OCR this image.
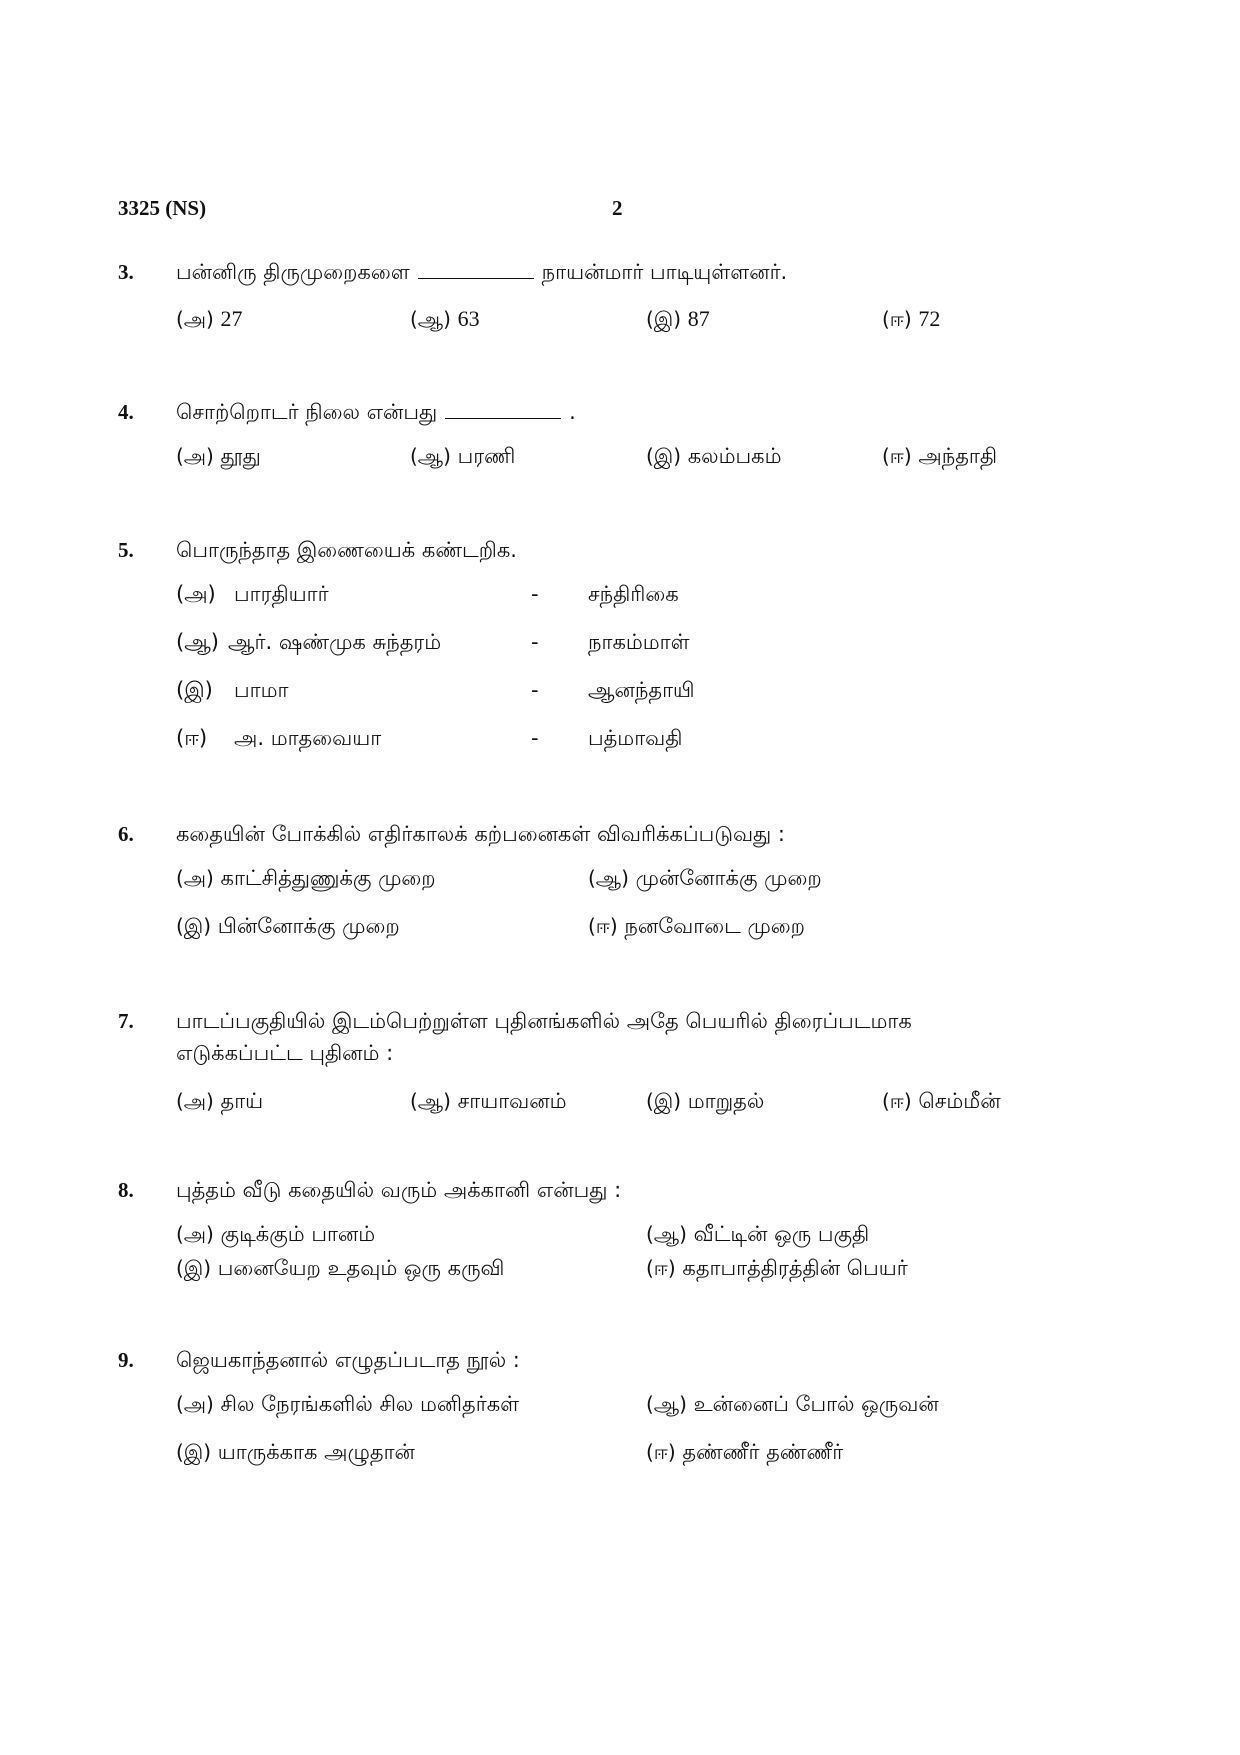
3325 (NS)	2
3.	பன்னிரு திருமுறைகளை	நாயன்மார் பாடியுள்ளனர்.
(அ) 27	(ஆ) 63	(இ) 87	(ஈ) 72
4.	சொற்றொடர் நிலை என்பது	.
(அ) தூது	(ஆ) பரணி	(இ) கலம்பகம்	(ஈ) அந்தாதி
5.	பொருந்தாத இணையைக் கண்டறிக.
(அ) பாரதியார்	- சந்திரிகை
(ஆ) ஆர். ஷண்முக சுந்தரம்	- நாகம்மாள்
(இ) பாமா	- ஆனந்தாயி
(ஈ) அ. மாதவையா	- பத்மாவதி
6.	கதையின் போக்கில் எதிர்காலக் கற்பனைகள் விவரிக்கப்படுவது :
(அ) காட்சித்துணுக்கு முறை	(ஆ) முன்னோக்கு முறை
(இ) பின்னோக்கு முறை	(ஈ) நனவோடை முறை
7.	பாடப்பகுதியில் இடம்பெற்றுள்ள புதினங்களில் அதே பெயரில் திரைப்படமாக
எடுக்கப்பட்ட புதினம் :
(அ) தாய்	(ஆ) சாயாவனம்	(இ) மாறுதல்	(ஈ) செம்மீன்
8.	புத்தம் வீடு கதையில் வரும் அக்கானி என்பது :
(அ) குடிக்கும் பானம்	(ஆ) வீட்டின் ஒரு பகுதி
(இ) பனையேற உதவும் ஒரு கருவி	(ஈ) கதாபாத்திரத்தின் பெயர்
9.	ஜெயகாந்தனால் எழுதப்படாத நூல் :
(அ) சில நேரங்களில் சில மனிதர்கள்	(ஆ) உன்னைப் போல் ஒருவன்
(இ) யாருக்காக அழுதான்	(ஈ) தண்ணீர் தண்ணீர்
